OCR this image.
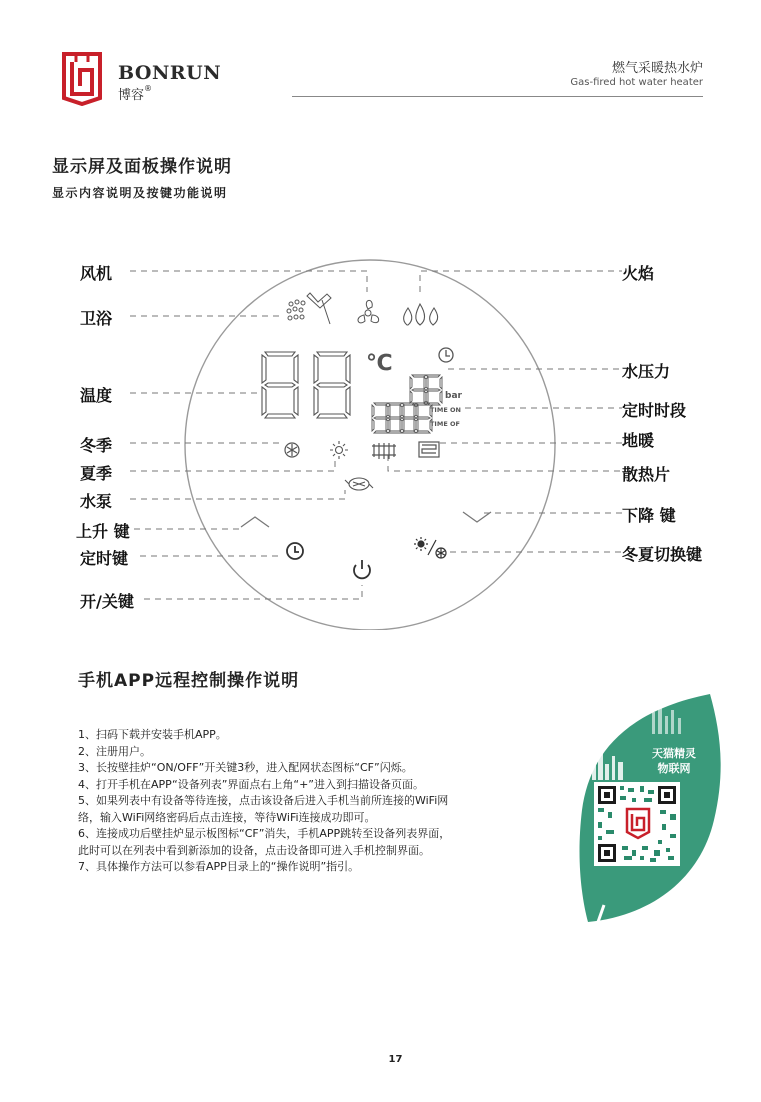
BONRUN
博容®
燃气采暖热水炉
Gas-fired hot water heater
显示屏及面板操作说明
显示内容说明及按键功能说明
℃
bar
TIME ON
TIME OF
风机
卫浴
温度
冬季
夏季
水泵
上升 键
定时键
开/关键
火焰
水压力
定时时段
地暖
散热片
下降 键
冬夏切换键
手机APP远程控制操作说明
1、扫码下载并安装手机APP。
2、注册用户。
3、长按壁挂炉“ON/OFF”开关键3秒，进入配网状态图标“CF”闪烁。
4、打开手机在APP“设备列表”界面点右上角“+”进入到扫描设备页面。
5、如果列表中有设备等待连接，点击该设备后进入手机当前所连接的WiFi网
络，输入WiFi网络密码后点击连接，等待WiFi连接成功即可。
6、连接成功后壁挂炉显示板图标“CF”消失，手机APP跳转至设备列表界面，
此时可以在列表中看到新添加的设备，点击设备即可进入手机控制界面。
7、具体操作方法可以参看APP目录上的“操作说明”指引。
天猫精灵
物联网
17
